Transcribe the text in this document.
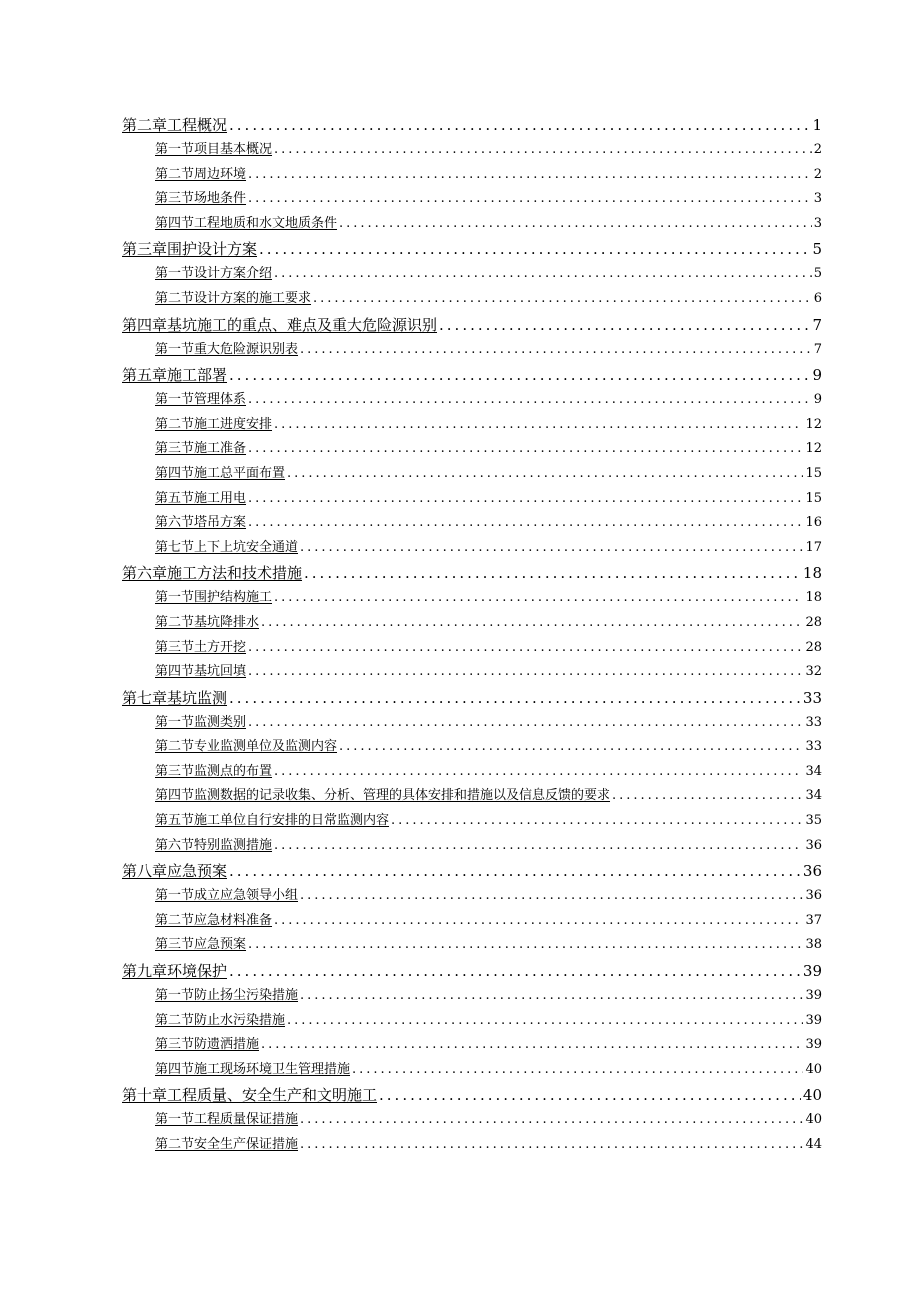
第二章工程概况 .....	1
第一节项目基本概况 .....	2
第二节周边环境 .....	2
第三节场地条件 .....	3
第四节工程地质和水文地质条件 .....	3
第三章围护设计方案 .....	5
第一节设计方案介绍 .....	5
第二节设计方案的施工要求 .....	6
第四章基坑施工的重点、难点及重大危险源识别 .....	7
第一节重大危险源识别表 .....	7
第五章施工部署 .....	9
第一节管理体系 .....	9
第二节施工进度安排 .....	12
第三节施工准备 .....	12
第四节施工总平面布置 .....	15
第五节施工用电 .....	15
第六节塔吊方案 .....	16
第七节上下上坑安全通道 .....	17
第六章施工方法和技术措施 .....	18
第一节围护结构施工 .....	18
第二节基坑降排水 .....	28
第三节土方开挖 .....	28
第四节基坑回填 .....	32
第七章基坑监测 .....	33
第一节监测类别 .....	33
第二节专业监测单位及监测内容 .....	33
第三节监测点的布置 .....	34
第四节监测数据的记录收集、分析、管理的具体安排和措施以及信息反馈的要求 .....	34
第五节施工单位自行安排的日常监测内容 .....	35
第六节特别监测措施 .....	36
第八章应急预案 .....	36
第一节成立应急领导小组 .....	36
第二节应急材料准备 .....	37
第三节应急预案 .....	38
第九章环境保护 .....	39
第一节防止扬尘污染措施 .....	39
第二节防止水污染措施 .....	39
第三节防遗洒措施 .....	39
第四节施工现场环境卫生管理措施 .....	40
第十章工程质量、安全生产和文明施工 .....	40
第一节工程质量保证措施 .....	40
第二节安全生产保证措施 .....	44
